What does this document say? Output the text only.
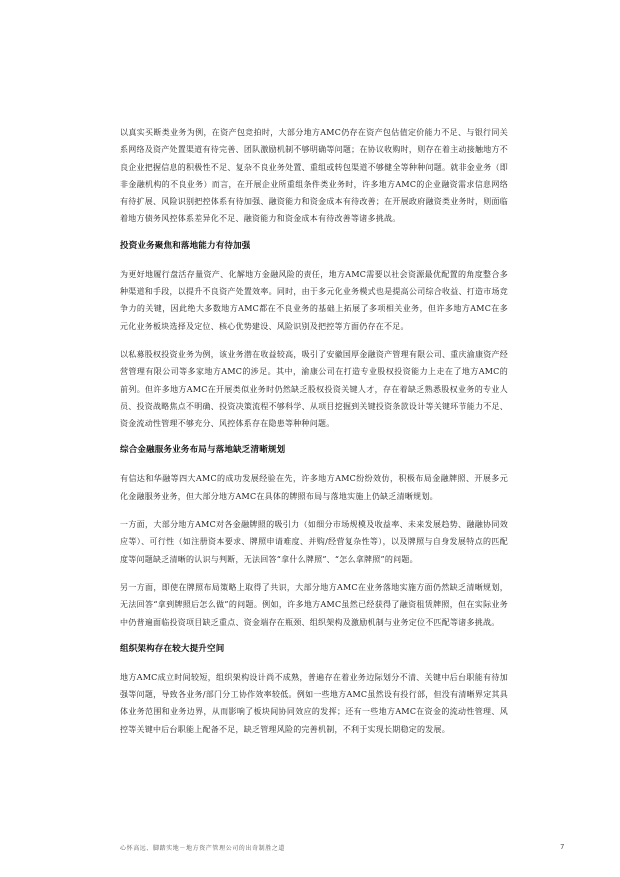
以真实买断类业务为例，在资产包竞拍时，大部分地方AMC仍存在资产包估值定价能力不足、与银行同关系网络及资产处置渠道有待完善、团队激励机制不够明确等问题；在协议收购时，则存在着主动接触地方不良企业把握信息的积极性不足、复杂不良业务处置、重组或转包渠道不够健全等种种问题。就非金业务（即非金融机构的不良业务）而言，在开展企业所重组条件类业务时，许多地方AMC的企业融资需求信息网络有待扩展、风险识别把控体系有待加强、融资能力和资金成本有待改善；在开展政府融资类业务时，则面临着地方债务风控体系差异化不足、融资能力和资金成本有待改善等诸多挑战。

投资业务聚焦和落地能力有待加强

为更好地履行盘活存量资产、化解地方金融风险的责任，地方AMC需要以社会资源最优配置的角度整合多种渠道和手段，以提升不良资产处置效率。同时，由于多元化业务模式也是提高公司综合收益、打造市场竞争力的关键，因此绝大多数地方AMC都在不良业务的基础上拓展了多项相关业务，但许多地方AMC在多元化业务板块选择及定位、核心优势建设、风险识别及把控等方面仍存在不足。

以私募股权投资业务为例，该业务潜在收益较高，吸引了安徽国厚金融资产管理有限公司、重庆渝康资产经营管理有限公司等多家地方AMC的涉足。其中，渝康公司在打造专业股权投资能力上走在了地方AMC的前列。但许多地方AMC在开展类似业务时仍然缺乏股权投资关键人才，存在着缺乏熟悉股权业务的专业人员、投资战略焦点不明确、投资决策流程不够科学、从项目挖掘到关键投资条款设计等关键环节能力不足、资金流动性管理不够充分、风控体系存在隐患等种种问题。

综合金融服务业务布局与落地缺乏清晰规划

有信达和华融等四大AMC的成功发展经验在先，许多地方AMC纷纷效仿，积极布局金融牌照、开展多元化金融服务业务，但大部分地方AMC在具体的牌照布局与落地实施上仍缺乏清晰规划。

一方面，大部分地方AMC对各金融牌照的吸引力（如细分市场规模及收益率、未来发展趋势、融融协同效应等）、可行性（如注册资本要求、牌照申请难度、并购/经营复杂性等），以及牌照与自身发展特点的匹配度等问题缺乏清晰的认识与判断，无法回答“拿什么牌照”、“怎么拿牌照”的问题。

另一方面，即使在牌照布局策略上取得了共识，大部分地方AMC在业务落地实施方面仍然缺乏清晰规划，无法回答“拿到牌照后怎么做”的问题。例如，许多地方AMC虽然已经获得了融资租赁牌照，但在实际业务中仍普遍面临投资项目缺乏重点、资金端存在瓶颈、组织架构及激励机制与业务定位不匹配等诸多挑战。

组织架构存在较大提升空间

地方AMC成立时间较短，组织架构设计尚不成熟，普遍存在着业务边际划分不清、关键中后台职能有待加强等问题，导致各业务/部门分工协作效率较低。例如一些地方AMC虽然设有投行部，但没有清晰界定其具体业务范围和业务边界，从而影响了板块间协同效应的发挥；还有一些地方AMC在资金的流动性管理、风控等关键中后台职能上配备不足，缺乏管理风险的完善机制，不利于实现长期稳定的发展。

心怀高远、脚踏实地－地方资产管理公司的出奇制胜之道	7
